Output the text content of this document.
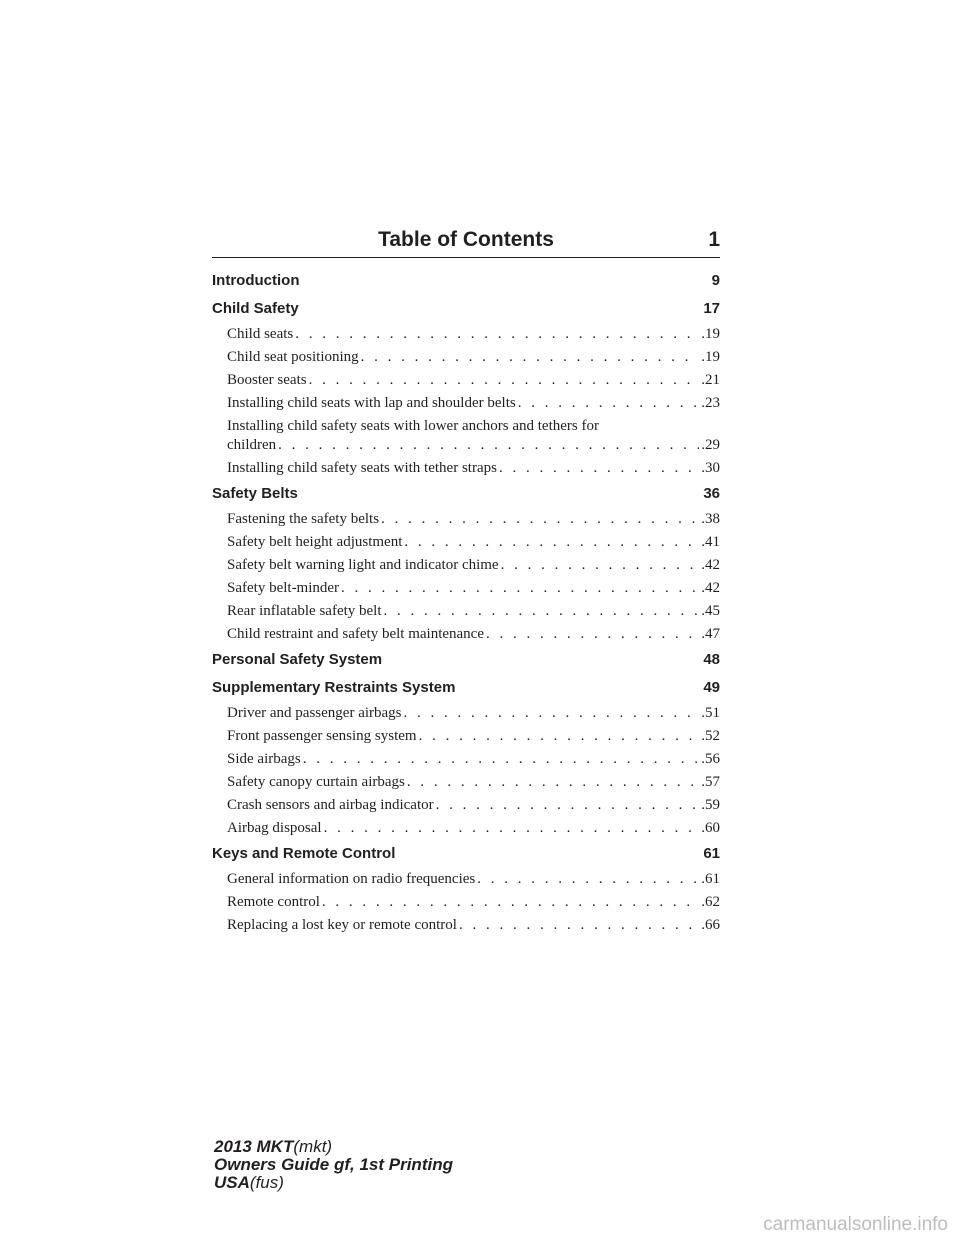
Table of Contents	1
Introduction	9
Child Safety	17
Child seats . . .	.19
Child seat positioning . . .	.19
Booster seats . . .	.21
Installing child seats with lap and shoulder belts . . .	.23
Installing child safety seats with lower anchors and tethers for
children . . .	.29
Installing child safety seats with tether straps . . .	.30
Safety Belts	36
Fastening the safety belts . . .	.38
Safety belt height adjustment . . .	.41
Safety belt warning light and indicator chime . . .	.42
Safety belt-minder . . .	.42
Rear inflatable safety belt . . .	.45
Child restraint and safety belt maintenance . . .	.47
Personal Safety System	48
Supplementary Restraints System	49
Driver and passenger airbags . . .	.51
Front passenger sensing system . . .	.52
Side airbags . . .	.56
Safety canopy curtain airbags . . .	.57
Crash sensors and airbag indicator . . .	.59
Airbag disposal . . .	.60
Keys and Remote Control	61
General information on radio frequencies . . .	.61
Remote control . . .	.62
Replacing a lost key or remote control . . .	.66
2013 MKT(mkt)
Owners Guide gf, 1st Printing
USA(fus)
carmanualsonline.info
